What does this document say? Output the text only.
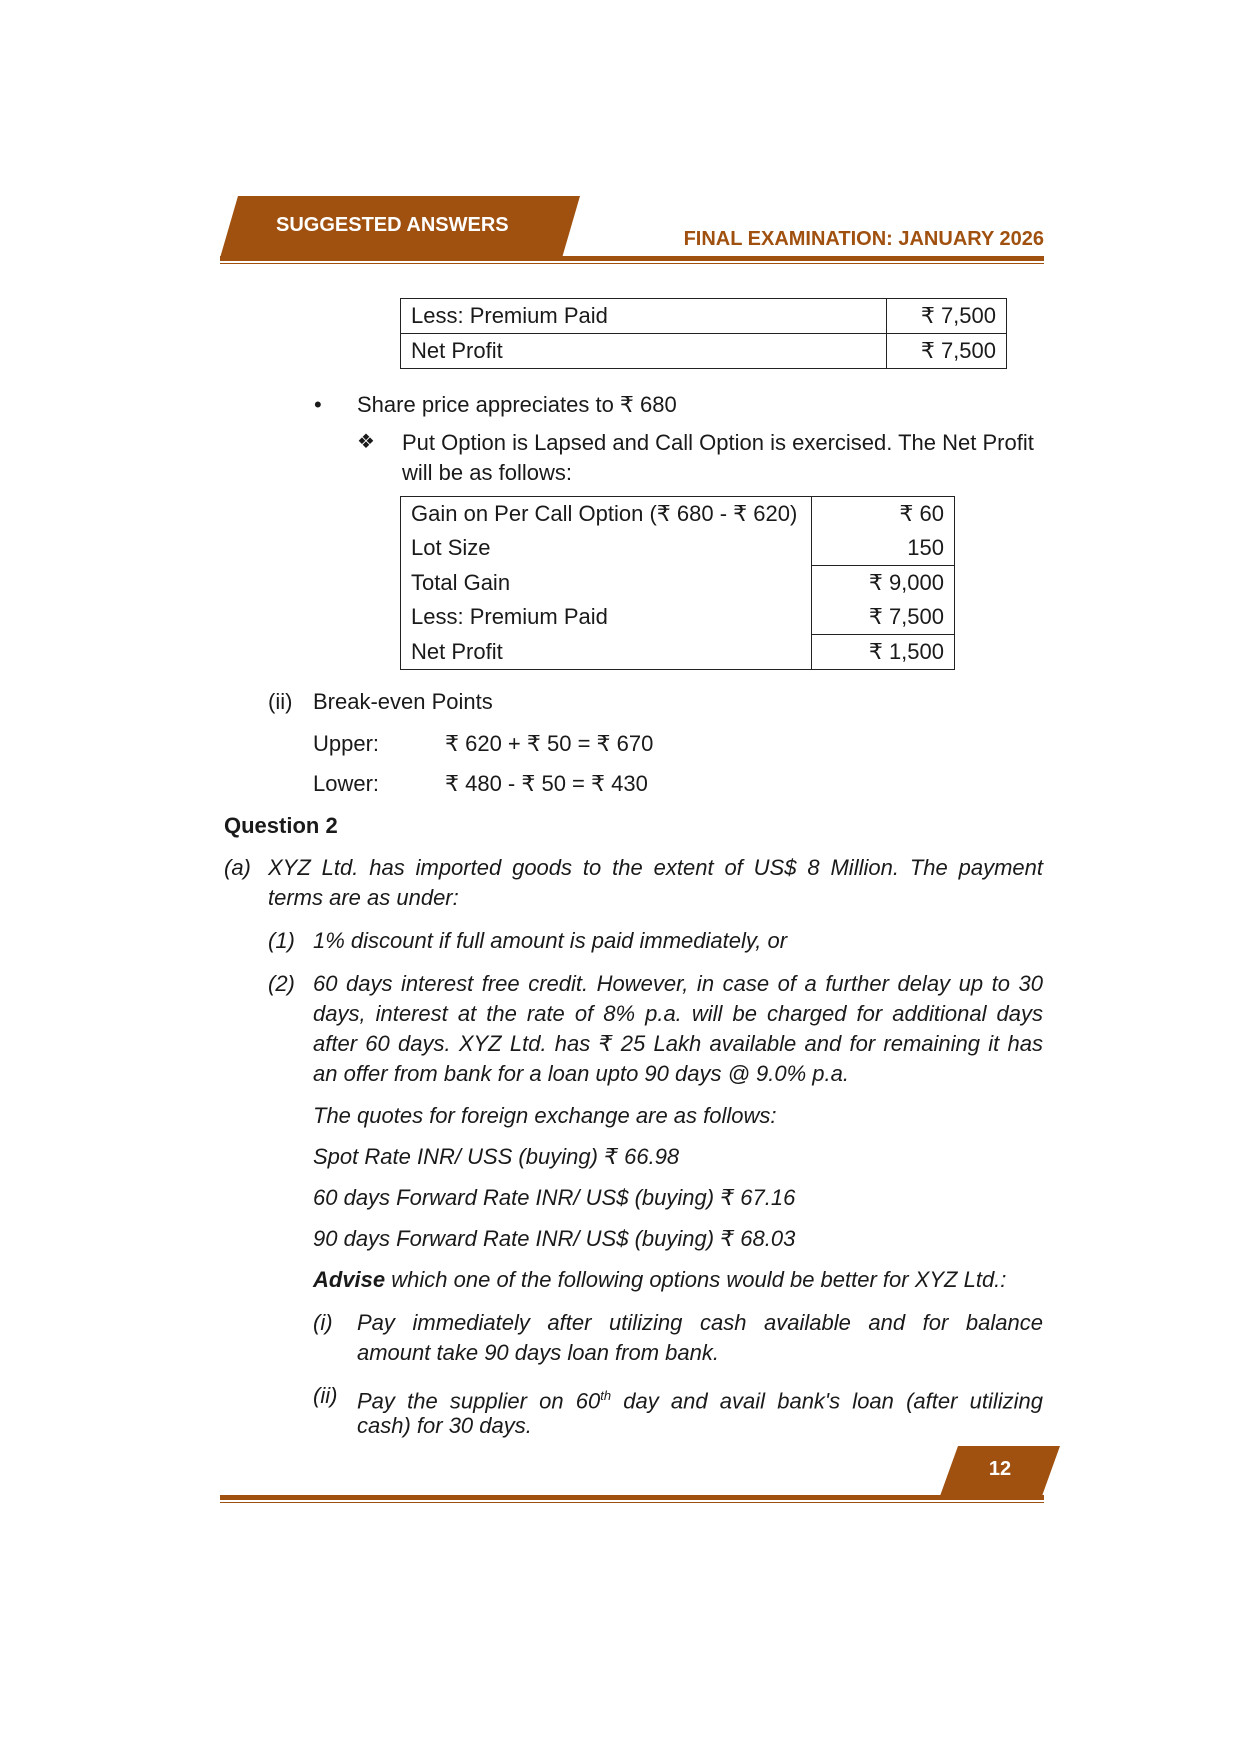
SUGGESTED ANSWERS
FINAL EXAMINATION: JANUARY 2026
Less: Premium Paid	₹ 7,500
Net Profit	₹ 7,500
• Share price appreciates to ₹ 680
❖ Put Option is Lapsed and Call Option is exercised. The Net Profit
will be as follows:
Gain on Per Call Option (₹ 680 - ₹ 620)	₹ 60
Lot Size	150
Total Gain	₹ 9,000
Less: Premium Paid	₹ 7,500
Net Profit	₹ 1,500
(ii) Break-even Points
Upper:	₹ 620 + ₹ 50 = ₹ 670
Lower:	₹ 480 - ₹ 50 = ₹ 430
Question 2
(a) XYZ Ltd. has imported goods to the extent of US$ 8 Million. The payment
terms are as under:
(1) 1% discount if full amount is paid immediately, or
(2) 60 days interest free credit. However, in case of a further delay up to 30
days, interest at the rate of 8% p.a. will be charged for additional days
after 60 days. XYZ Ltd. has ₹ 25 Lakh available and for remaining it has
an offer from bank for a loan upto 90 days @ 9.0% p.a.
The quotes for foreign exchange are as follows:
Spot Rate INR/ USS (buying) ₹ 66.98
60 days Forward Rate INR/ US$ (buying) ₹ 67.16
90 days Forward Rate INR/ US$ (buying) ₹ 68.03
Advise which one of the following options would be better for XYZ Ltd.:
(i) Pay immediately after utilizing cash available and for balance
amount take 90 days loan from bank.
(ii) Pay the supplier on 60th day and avail bank's loan (after utilizing
cash) for 30 days.
12
